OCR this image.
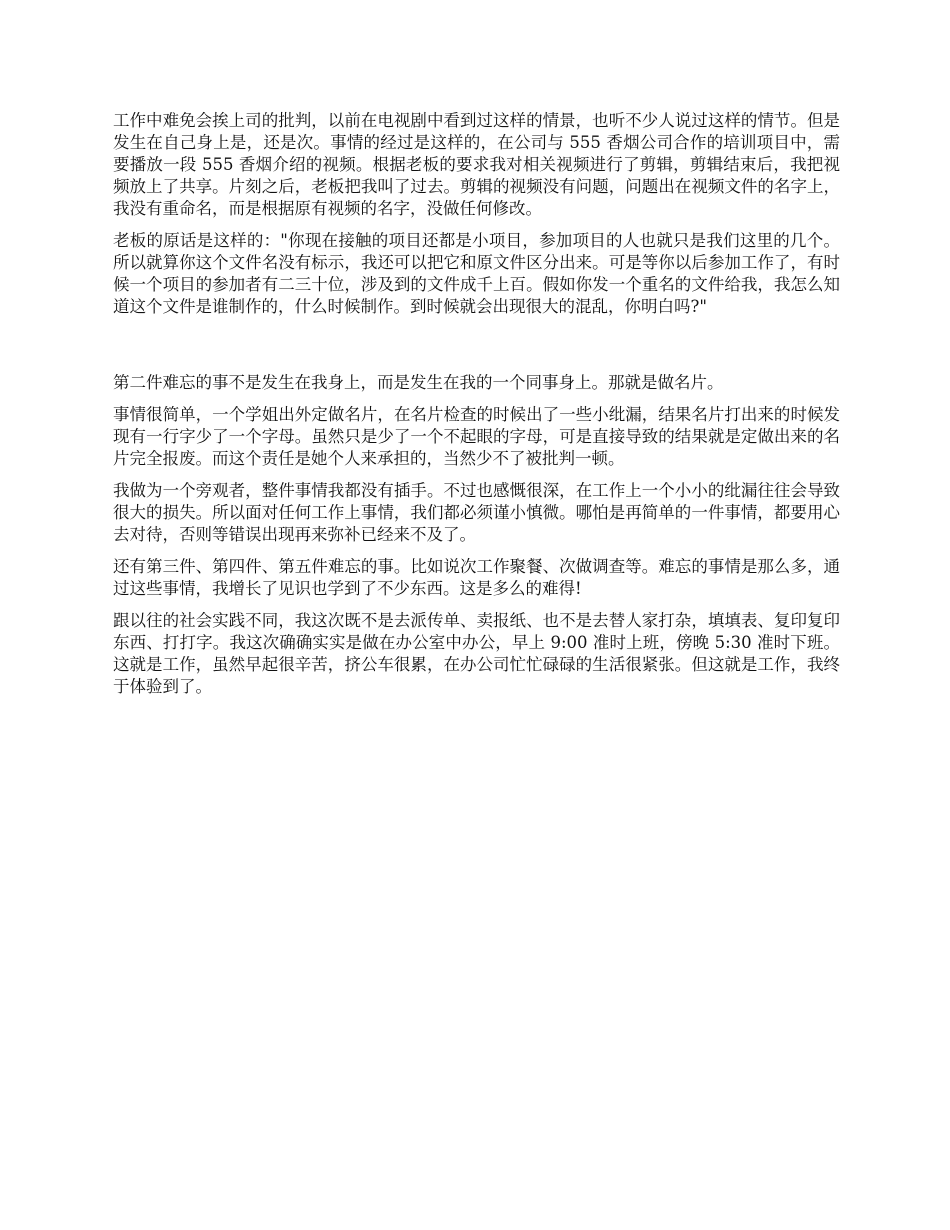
工作中难免会挨上司的批判，以前在电视剧中看到过这样的情景，也听不少人说过这样的情节。但是发生在自己身上是，还是次。事情的经过是这样的，在公司与 555 香烟公司合作的培训项目中，需要播放一段 555 香烟介绍的视频。根据老板的要求我对相关视频进行了剪辑，剪辑结束后，我把视频放上了共享。片刻之后，老板把我叫了过去。剪辑的视频没有问题，问题出在视频文件的名字上，我没有重命名，而是根据原有视频的名字，没做任何修改。

老板的原话是这样的："你现在接触的项目还都是小项目，参加项目的人也就只是我们这里的几个。所以就算你这个文件名没有标示，我还可以把它和原文件区分出来。可是等你以后参加工作了，有时候一个项目的参加者有二三十位，涉及到的文件成千上百。假如你发一个重名的文件给我，我怎么知道这个文件是谁制作的，什么时候制作。到时候就会出现很大的混乱，你明白吗?"

第二件难忘的事不是发生在我身上，而是发生在我的一个同事身上。那就是做名片。

事情很简单，一个学姐出外定做名片，在名片检查的时候出了一些小纰漏，结果名片打出来的时候发现有一行字少了一个字母。虽然只是少了一个不起眼的字母，可是直接导致的结果就是定做出来的名片完全报废。而这个责任是她个人来承担的，当然少不了被批判一顿。

我做为一个旁观者，整件事情我都没有插手。不过也感慨很深，在工作上一个小小的纰漏往往会导致很大的损失。所以面对任何工作上事情，我们都必须谨小慎微。哪怕是再简单的一件事情，都要用心去对待，否则等错误出现再来弥补已经来不及了。

还有第三件、第四件、第五件难忘的事。比如说次工作聚餐、次做调查等。难忘的事情是那么多，通过这些事情，我增长了见识也学到了不少东西。这是多么的难得!

跟以往的社会实践不同，我这次既不是去派传单、卖报纸、也不是去替人家打杂，填填表、复印复印东西、打打字。我这次确确实实是做在办公室中办公，早上 9:00 准时上班，傍晚 5:30 准时下班。这就是工作，虽然早起很辛苦，挤公车很累，在办公司忙忙碌碌的生活很紧张。但这就是工作，我终于体验到了。
